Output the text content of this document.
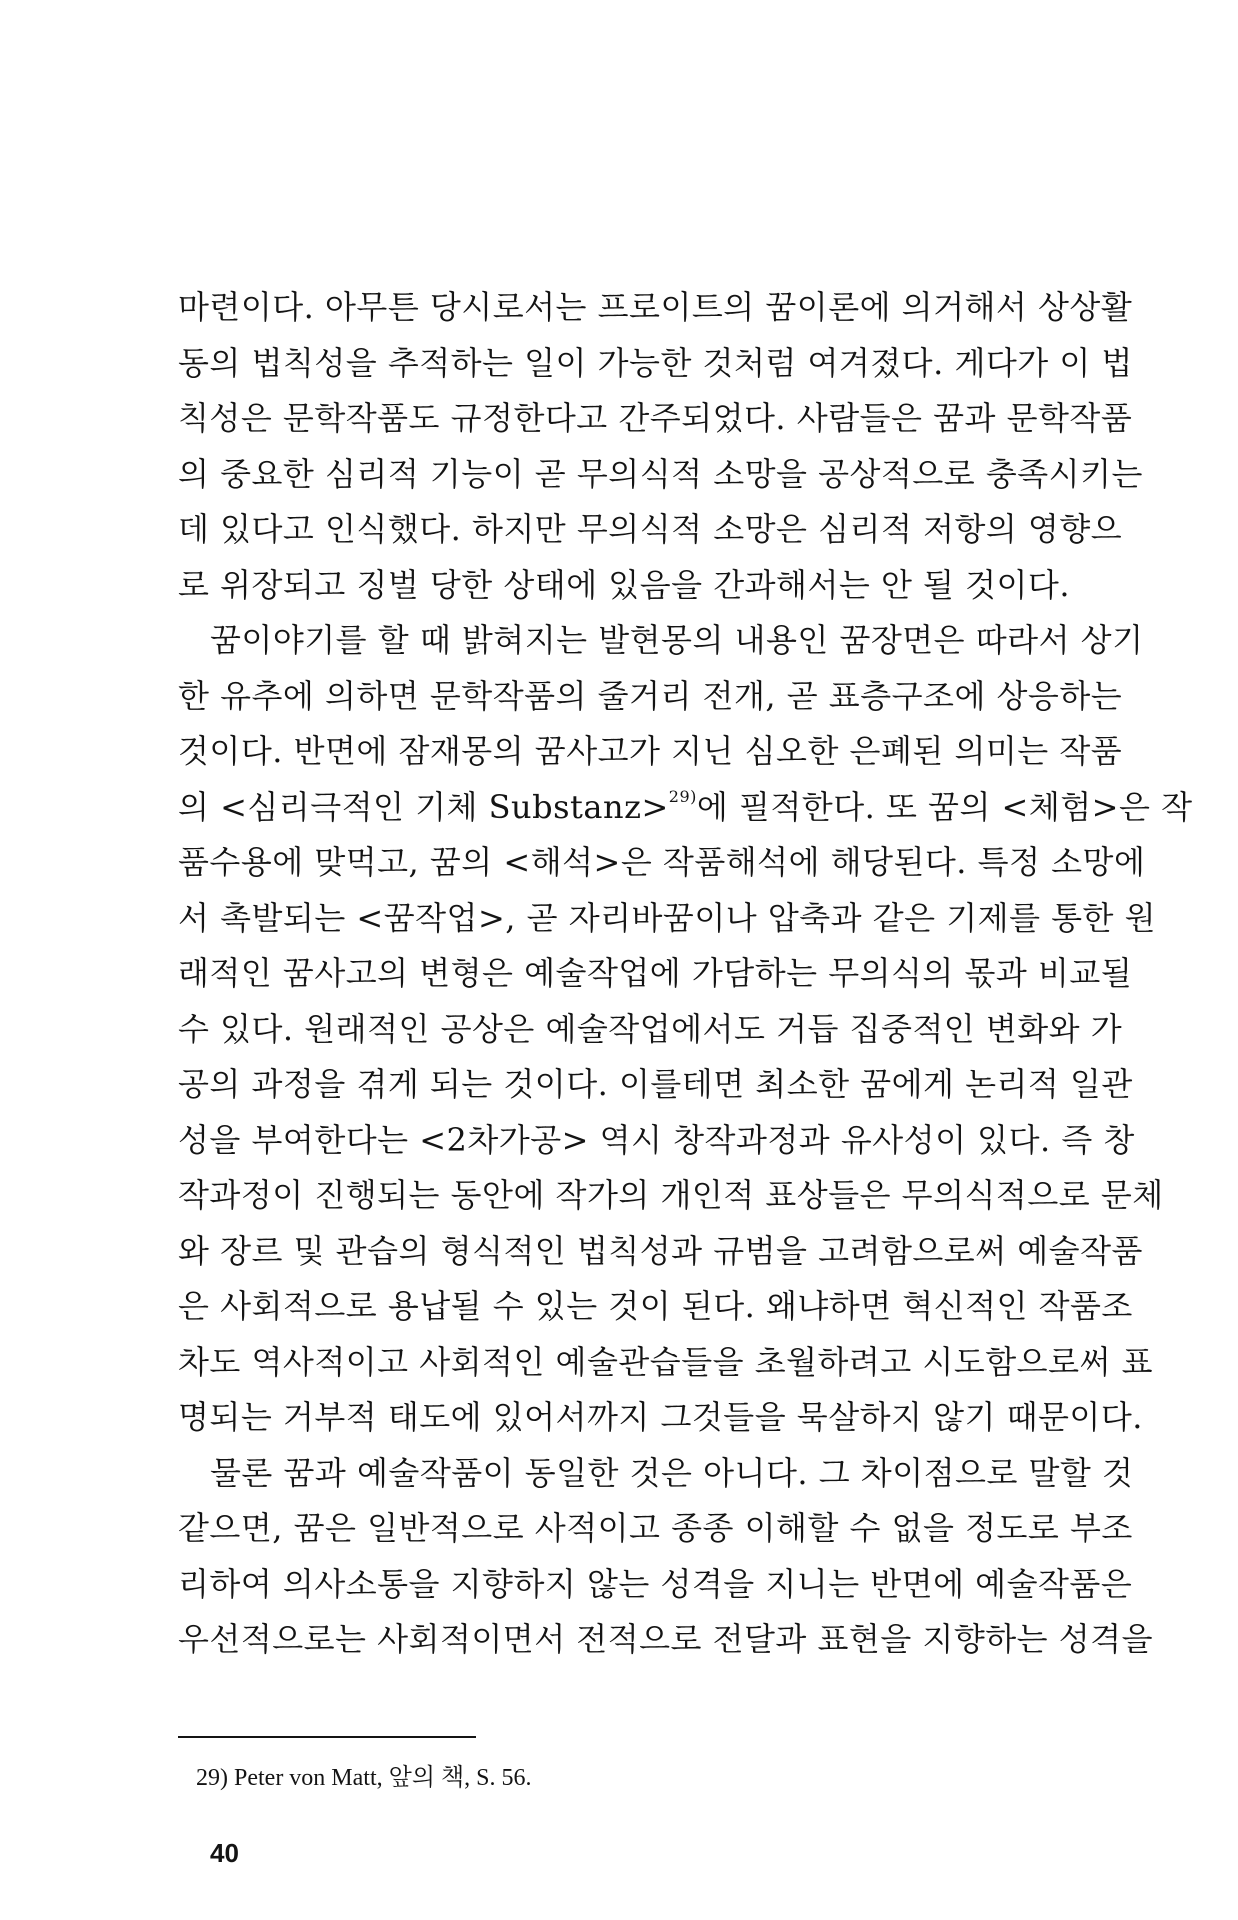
마련이다. 아무튼 당시로서는 프로이트의 꿈이론에 의거해서 상상활
동의 법칙성을 추적하는 일이 가능한 것처럼 여겨졌다. 게다가 이 법
칙성은 문학작품도 규정한다고 간주되었다. 사람들은 꿈과 문학작품
의 중요한 심리적 기능이 곧 무의식적 소망을 공상적으로 충족시키는
데 있다고 인식했다. 하지만 무의식적 소망은 심리적 저항의 영향으
로 위장되고 징벌 당한 상태에 있음을 간과해서는 안 될 것이다.
꿈이야기를 할 때 밝혀지는 발현몽의 내용인 꿈장면은 따라서 상기
한 유추에 의하면 문학작품의 줄거리 전개, 곧 표층구조에 상응하는
것이다. 반면에 잠재몽의 꿈사고가 지닌 심오한 은폐된 의미는 작품
의 <심리극적인 기체 Substanz>$^{29)}$에 필적한다. 또 꿈의 <체험>은 작
품수용에 맞먹고, 꿈의 <해석>은 작품해석에 해당된다. 특정 소망에
서 촉발되는 <꿈작업>, 곧 자리바꿈이나 압축과 같은 기제를 통한 원
래적인 꿈사고의 변형은 예술작업에 가담하는 무의식의 몫과 비교될
수 있다. 원래적인 공상은 예술작업에서도 거듭 집중적인 변화와 가
공의 과정을 겪게 되는 것이다. 이를테면 최소한 꿈에게 논리적 일관
성을 부여한다는 <2차가공> 역시 창작과정과 유사성이 있다. 즉 창
작과정이 진행되는 동안에 작가의 개인적 표상들은 무의식적으로 문체
와 장르 및 관습의 형식적인 법칙성과 규범을 고려함으로써 예술작품
은 사회적으로 용납될 수 있는 것이 된다. 왜냐하면 혁신적인 작품조
차도 역사적이고 사회적인 예술관습들을 초월하려고 시도함으로써 표
명되는 거부적 태도에 있어서까지 그것들을 묵살하지 않기 때문이다.
물론 꿈과 예술작품이 동일한 것은 아니다. 그 차이점으로 말할 것
같으면, 꿈은 일반적으로 사적이고 종종 이해할 수 없을 정도로 부조
리하여 의사소통을 지향하지 않는 성격을 지니는 반면에 예술작품은
우선적으로는 사회적이면서 전적으로 전달과 표현을 지향하는 성격을
29) Peter von Matt, 앞의 책, S. 56.
40
